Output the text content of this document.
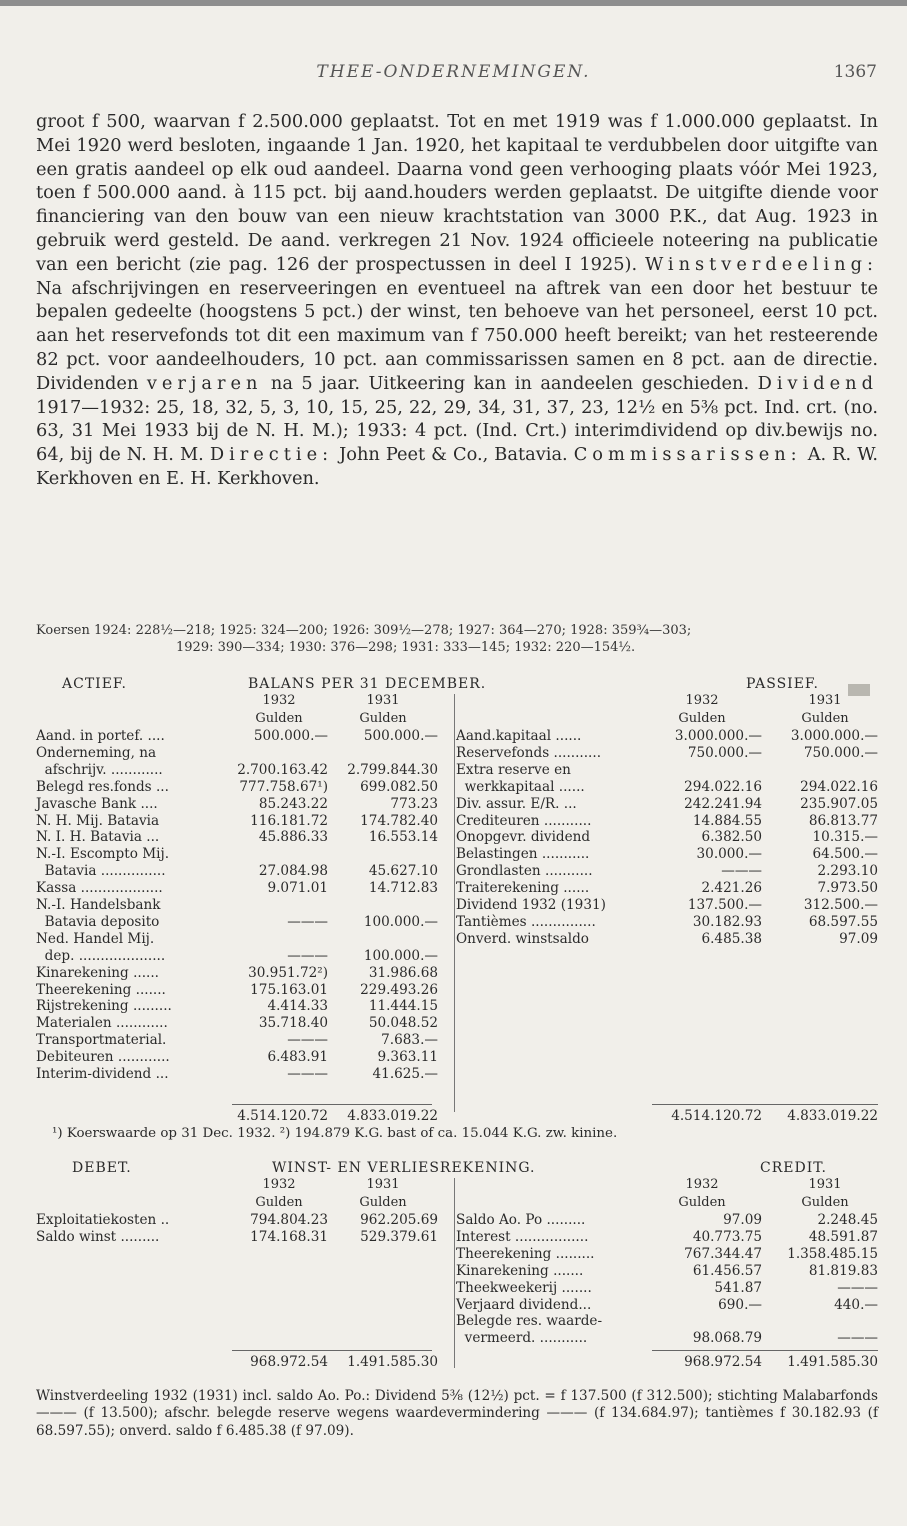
THEE-ONDERNEMINGEN.	1367

groot f 500, waarvan f 2.500.000 geplaatst. Tot en met 1919 was f 1.000.000 geplaatst. In Mei 1920 werd besloten, ingaande 1 Jan. 1920, het kapitaal te verdubbelen door uitgifte van een gratis aandeel op elk oud aandeel. Daarna vond geen verhooging plaats vóór Mei 1923, toen f 500.000 aand. à 115 pct. bij aand.houders werden geplaatst. De uitgifte diende voor financiering van den bouw van een nieuw krachtstation van 3000 P.K., dat Aug. 1923 in gebruik werd gesteld. De aand. verkregen 21 Nov. 1924 officieele noteering na publicatie van een bericht (zie pag. 126 der prospectussen in deel I 1925). Winstverdeeling: Na afschrijvingen en reserveeringen en eventueel na aftrek van een door het bestuur te bepalen gedeelte (hoogstens 5 pct.) der winst, ten behoeve van het personeel, eerst 10 pct. aan het reservefonds tot dit een maximum van f 750.000 heeft bereikt; van het resteerende 82 pct. voor aandeelhouders, 10 pct. aan commissarissen samen en 8 pct. aan de directie. Dividenden verjaren na 5 jaar. Uitkeering kan in aandeelen geschieden. Dividend 1917—1932: 25, 18, 32, 5, 3, 10, 15, 25, 22, 29, 34, 31, 37, 23, 12½ en 5⅜ pct. Ind. crt. (no. 63, 31 Mei 1933 bij de N. H. M.); 1933: 4 pct. (Ind. Crt.) interimdividend op div.bewijs no. 64, bij de N. H. M. Directie: John Peet & Co., Batavia. Commissarissen: A. R. W. Kerkhoven en E. H. Kerkhoven.

Koersen 1924: 228½—218; 1925: 324—200; 1926: 309½—278; 1927: 364—270; 1928: 359¾—303;
1929: 390—334; 1930: 376—298; 1931: 333—145; 1932: 220—154½.
ACTIEF.	BALANS PER 31 DECEMBER.	PASSIEF.
1932	1931
Gulden	Gulden
1932	1931
Gulden	Gulden
Aand. in portef. ....	500.000.—	500.000.—
Onderneming, na
afschrijv. ............	2.700.163.42	2.799.844.30
Belegd res.fonds ...	777.758.67¹)	699.082.50
Javasche Bank ....	85.243.22	773.23
N. H. Mij. Batavia	116.181.72	174.782.40
N. I. H. Batavia ...	45.886.33	16.553.14
N.-I. Escompto Mij.
Batavia ...............	27.084.98	45.627.10
Kassa ...................	9.071.01	14.712.83
N.-I. Handelsbank
Batavia deposito	———	100.000.—
Ned. Handel Mij.
dep. ....................	———	100.000.—
Kinarekening ......	30.951.72²)	31.986.68
Theerekening .......	175.163.01	229.493.26
Rijstrekening .........	4.414.33	11.444.15
Materialen ............	35.718.40	50.048.52
Transportmaterial.	———	7.683.—
Debiteuren ............	6.483.91	9.363.11
Interim-dividend ...	———	41.625.—
Aand.kapitaal ......	3.000.000.—	3.000.000.—
Reservefonds ...........	750.000.—	750.000.—
Extra reserve en
werkkapitaal ......	294.022.16	294.022.16
Div. assur. E/R. ...	242.241.94	235.907.05
Crediteuren ...........	14.884.55	86.813.77
Onopgevr. dividend	6.382.50	10.315.—
Belastingen ...........	30.000.—	64.500.—
Grondlasten ...........	———	2.293.10
Traiterekening ......	2.421.26	7.973.50
Dividend 1932 (1931)	137.500.—	312.500.—
Tantièmes ...............	30.182.93	68.597.55
Onverd. winstsaldo	6.485.38	97.09
4.514.120.72	4.833.019.22	4.514.120.72	4.833.019.22
¹) Koerswaarde op 31 Dec. 1932. ²) 194.879 K.G. bast of ca. 15.044 K.G. zw. kinine.
DEBET.	WINST- EN VERLIESREKENING.	CREDIT.
1932	1931
Gulden	Gulden
1932	1931
Gulden	Gulden
Exploitatiekosten ..	794.804.23	962.205.69
Saldo winst .........	174.168.31	529.379.61
Saldo Ao. Po .........	97.09	2.248.45
Interest .................	40.773.75	48.591.87
Theerekening .........	767.344.47	1.358.485.15
Kinarekening .......	61.456.57	81.819.83
Theekweekerij .......	541.87	———
Verjaard dividend...	690.—	440.—
Belegde res. waarde-
vermeerd. ...........	98.068.79	———
968.972.54	1.491.585.30	968.972.54	1.491.585.30
Winstverdeeling 1932 (1931) incl. saldo Ao. Po.: Dividend 5⅜ (12½) pct. = f 137.500 (f 312.500); stichting Malabarfonds ——— (f 13.500); afschr. belegde reserve wegens waardevermindering ——— (f 134.684.97); tantièmes f 30.182.93 (f 68.597.55); onverd. saldo f 6.485.38 (f 97.09).
